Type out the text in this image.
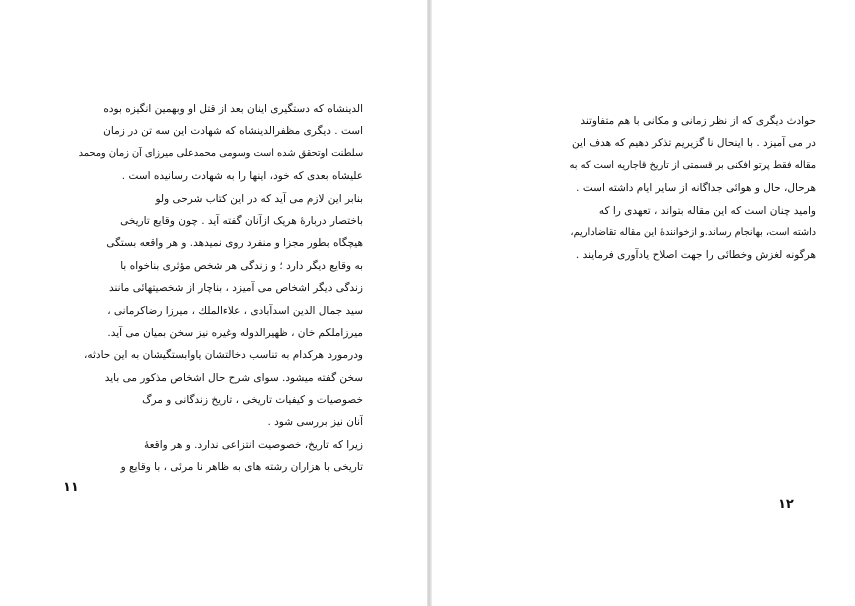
الدینشاه که دستگیری اینان بعد از قتل او وبهمین انگیزه بوده
است . دیگری مظفرالدینشاه که شهادت این سه تن در زمان
سلطنت اوتحقق شده است وسومی محمدعلی میرزای آن زمان ومحمد
علیشاه بعدی که خود، اینها را به شهادت رسانیده است .
بنابر این لازم می آید که در این کتاب شرحی ولو
باختصار دربارهٔ هریک ازآنان گفته آید . چون وقایع تاریخی
هیچگاه بطور مجزا و منفرد روی نمیدهد. و هر واقعه بستگی
به وقایع دیگر دارد ؛ و زندگی هر شخص مؤثری بناخواه با
زندگی دیگر اشخاص می آمیزد ، بناچار از شخصیتهائی مانند
سید جمال الدین اسدآبادی ، علاءالملك ، میرزا رضاکرمانی ،
میرزاملکم خان ، ظهیرالدوله وغیره نیز سخن بمیان می آید.
ودرمورد هرکدام به تناسب دخالتشان یاوابستگیشان به این حادثه،
سخن گفته میشود. سوای شرح حال اشخاص مذکور می باید
خصوصیات و کیفیات تاریخی ، تاریخ زندگانی و مرگ
آنان نیز بررسی شود .
زیرا که تاریخ، خصوصیت انتزاعی ندارد. و هر واقعهٔ
تاریخی با هزاران رشته های به ظاهر نا مرئی ، با وقایع و
۱۱
حوادث دیگری که از نظر زمانی و مکانی با هم متفاوتند
در می آمیزد . با اینحال نا گزیریم تذکر دهیم که هدف این
مقاله فقط پرتو افکنی بر قسمتی از تاریخ قاجاریه است که به
هرحال، حال و هوائی جداگانه از سایر ایام داشته است .
وامید چنان است که این مقاله بتواند ، تعهدی را که
داشته است، بهانجام رساند.و ازخوانندهٔ این مقاله تقاضاداریم،
هرگونه لغزش وخطائی را جهت اصلاح یادآوری فرمایند .
۱۲
